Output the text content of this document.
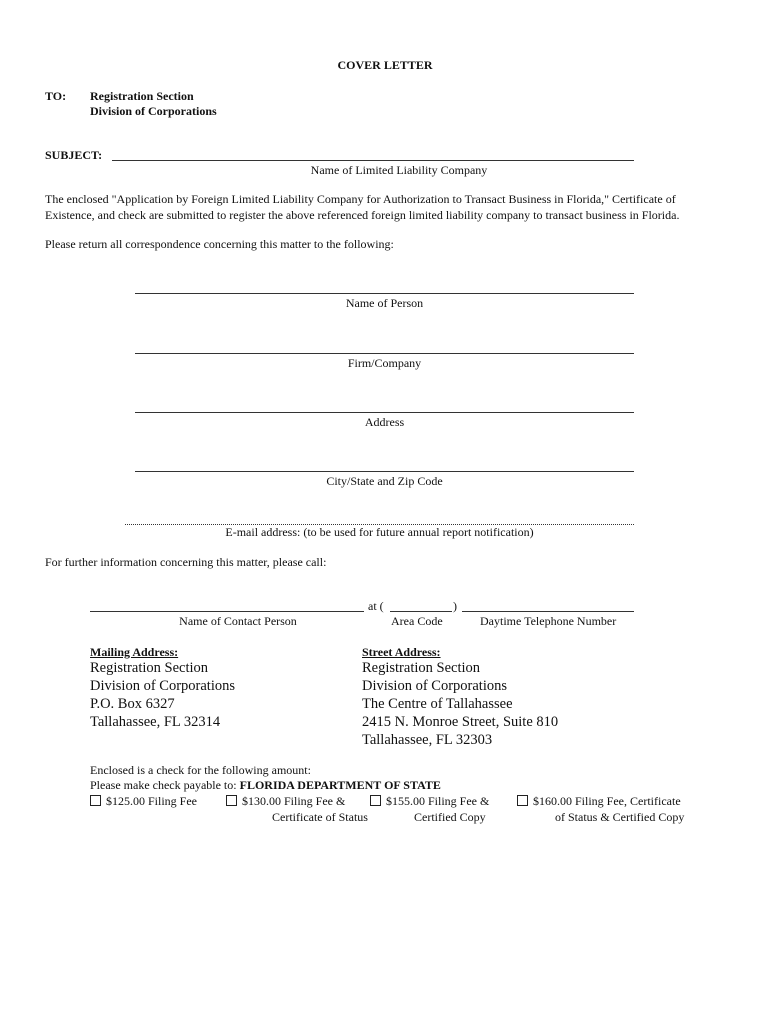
COVER LETTER
TO: Registration Section
Division of Corporations
SUBJECT:
Name of Limited Liability Company
The enclosed "Application by Foreign Limited Liability Company for Authorization to Transact Business in Florida," Certificate of Existence, and check are submitted to register the above referenced foreign limited liability company to transact business in Florida.
Please return all correspondence concerning this matter to the following:
Name of Person
Firm/Company
Address
City/State and Zip Code
E-mail address: (to be used for future annual report notification)
For further information concerning this matter, please call:
at (	)
Name of Contact Person	Area Code	Daytime Telephone Number
Mailing Address:
Registration Section
Division of Corporations
P.O. Box 6327
Tallahassee, FL 32314
Street Address:
Registration Section
Division of Corporations
The Centre of Tallahassee
2415 N. Monroe Street, Suite 810
Tallahassee, FL 32303
Enclosed is a check for the following amount:
Please make check payable to: FLORIDA DEPARTMENT OF STATE
$125.00 Filing Fee	$130.00 Filing Fee &
Certificate of Status
$155.00 Filing Fee &
Certified Copy
$160.00 Filing Fee, Certificate
of Status & Certified Copy
